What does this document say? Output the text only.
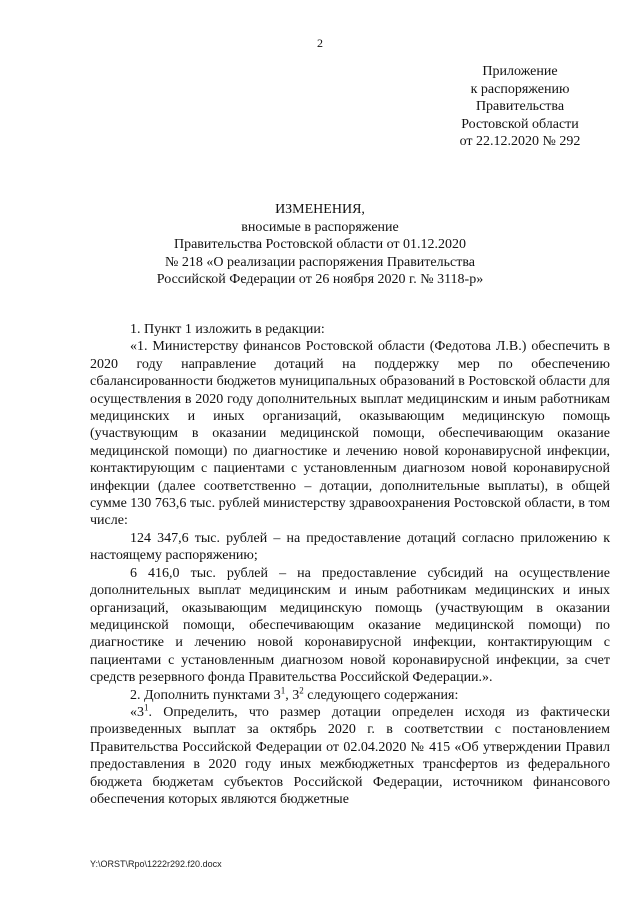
2
Приложение
к распоряжению
Правительства
Ростовской области
от 22.12.2020 № 292
ИЗМЕНЕНИЯ,
вносимые в распоряжение
Правительства Ростовской области от 01.12.2020
№ 218 «О реализации распоряжения Правительства
Российской Федерации от 26 ноября 2020 г. № 3118-р»

1. Пункт 1 изложить в редакции:

«1. Министерству финансов Ростовской области (Федотова Л.В.) обеспечить в 2020 году направление дотаций на поддержку мер по обеспечению сбалансированности бюджетов муниципальных образований в Ростовской области для осуществления в 2020 году дополнительных выплат медицинским и иным работникам медицинских и иных организаций, оказывающим медицинскую помощь (участвующим в оказании медицинской помощи, обеспечивающим оказание медицинской помощи) по диагностике и лечению новой коронавирусной инфекции, контактирующим с пациентами с установленным диагнозом новой коронавирусной инфекции (далее соответственно – дотации, дополнительные выплаты), в общей сумме 130 763,6 тыс. рублей министерству здравоохранения Ростовской области, в том числе:

124 347,6 тыс. рублей – на предоставление дотаций согласно приложению к настоящему распоряжению;

6 416,0 тыс. рублей – на предоставление субсидий на осуществление дополнительных выплат медицинским и иным работникам медицинских и иных организаций, оказывающим медицинскую помощь (участвующим в оказании медицинской помощи, обеспечивающим оказание медицинской помощи) по диагностике и лечению новой коронавирусной инфекции, контактирующим с пациентами с установленным диагнозом новой коронавирусной инфекции, за счет средств резервного фонда Правительства Российской Федерации.».

2. Дополнить пунктами $3^1$, $3^2$ следующего содержания:

«$3^1$. Определить, что размер дотации определен исходя из фактически произведенных выплат за октябрь 2020 г. в соответствии с постановлением Правительства Российской Федерации от 02.04.2020 № 415 «Об утверждении Правил предоставления в 2020 году иных межбюджетных трансфертов из федерального бюджета бюджетам субъектов Российской Федерации, источником финансового обеспечения которых являются бюджетные

Y:\ORST\Rpo\1222r292.f20.docx
